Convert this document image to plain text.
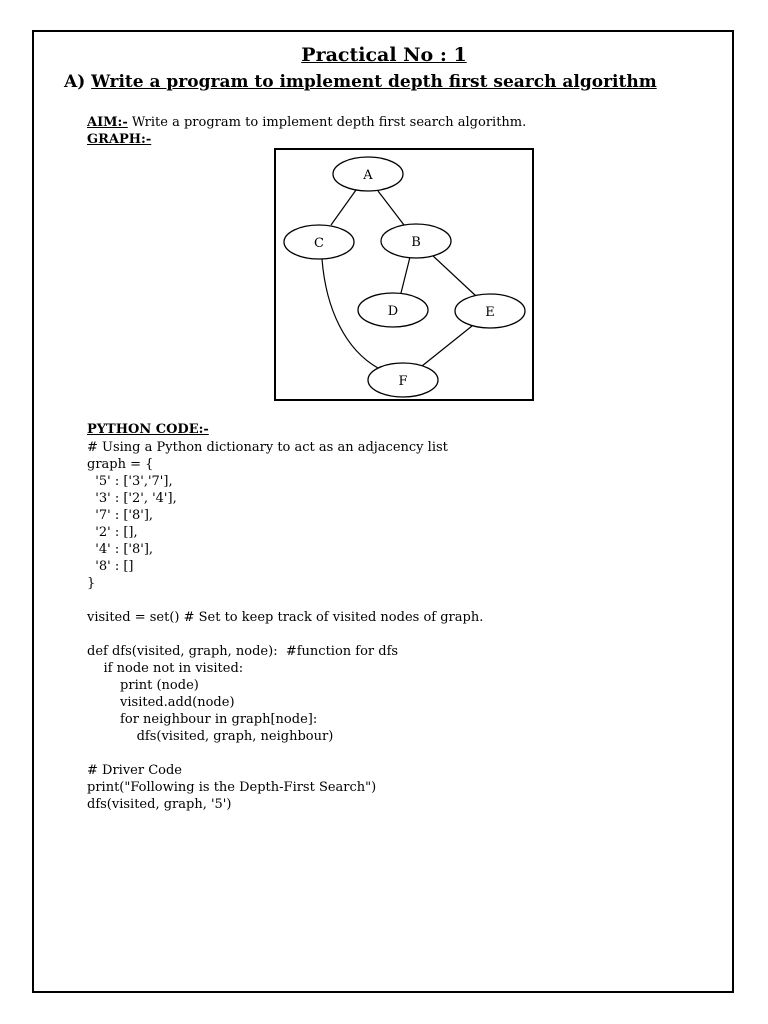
Practical No : 1
A) Write a program to implement depth first search algorithm
AIM:- Write a program to implement depth first search algorithm.
GRAPH:-
A
C	B
D	E
F
PYTHON CODE:-
# Using a Python dictionary to act as an adjacency list
graph = {
'5' : ['3','7'],
'3' : ['2', '4'],
'7' : ['8'],
'2' : [],
'4' : ['8'],
'8' : []
}
visited = set() # Set to keep track of visited nodes of graph.
def dfs(visited, graph, node):  #function for dfs
if node not in visited:
print (node)
visited.add(node)
for neighbour in graph[node]:
dfs(visited, graph, neighbour)
# Driver Code
print("Following is the Depth-First Search")
dfs(visited, graph, '5')
